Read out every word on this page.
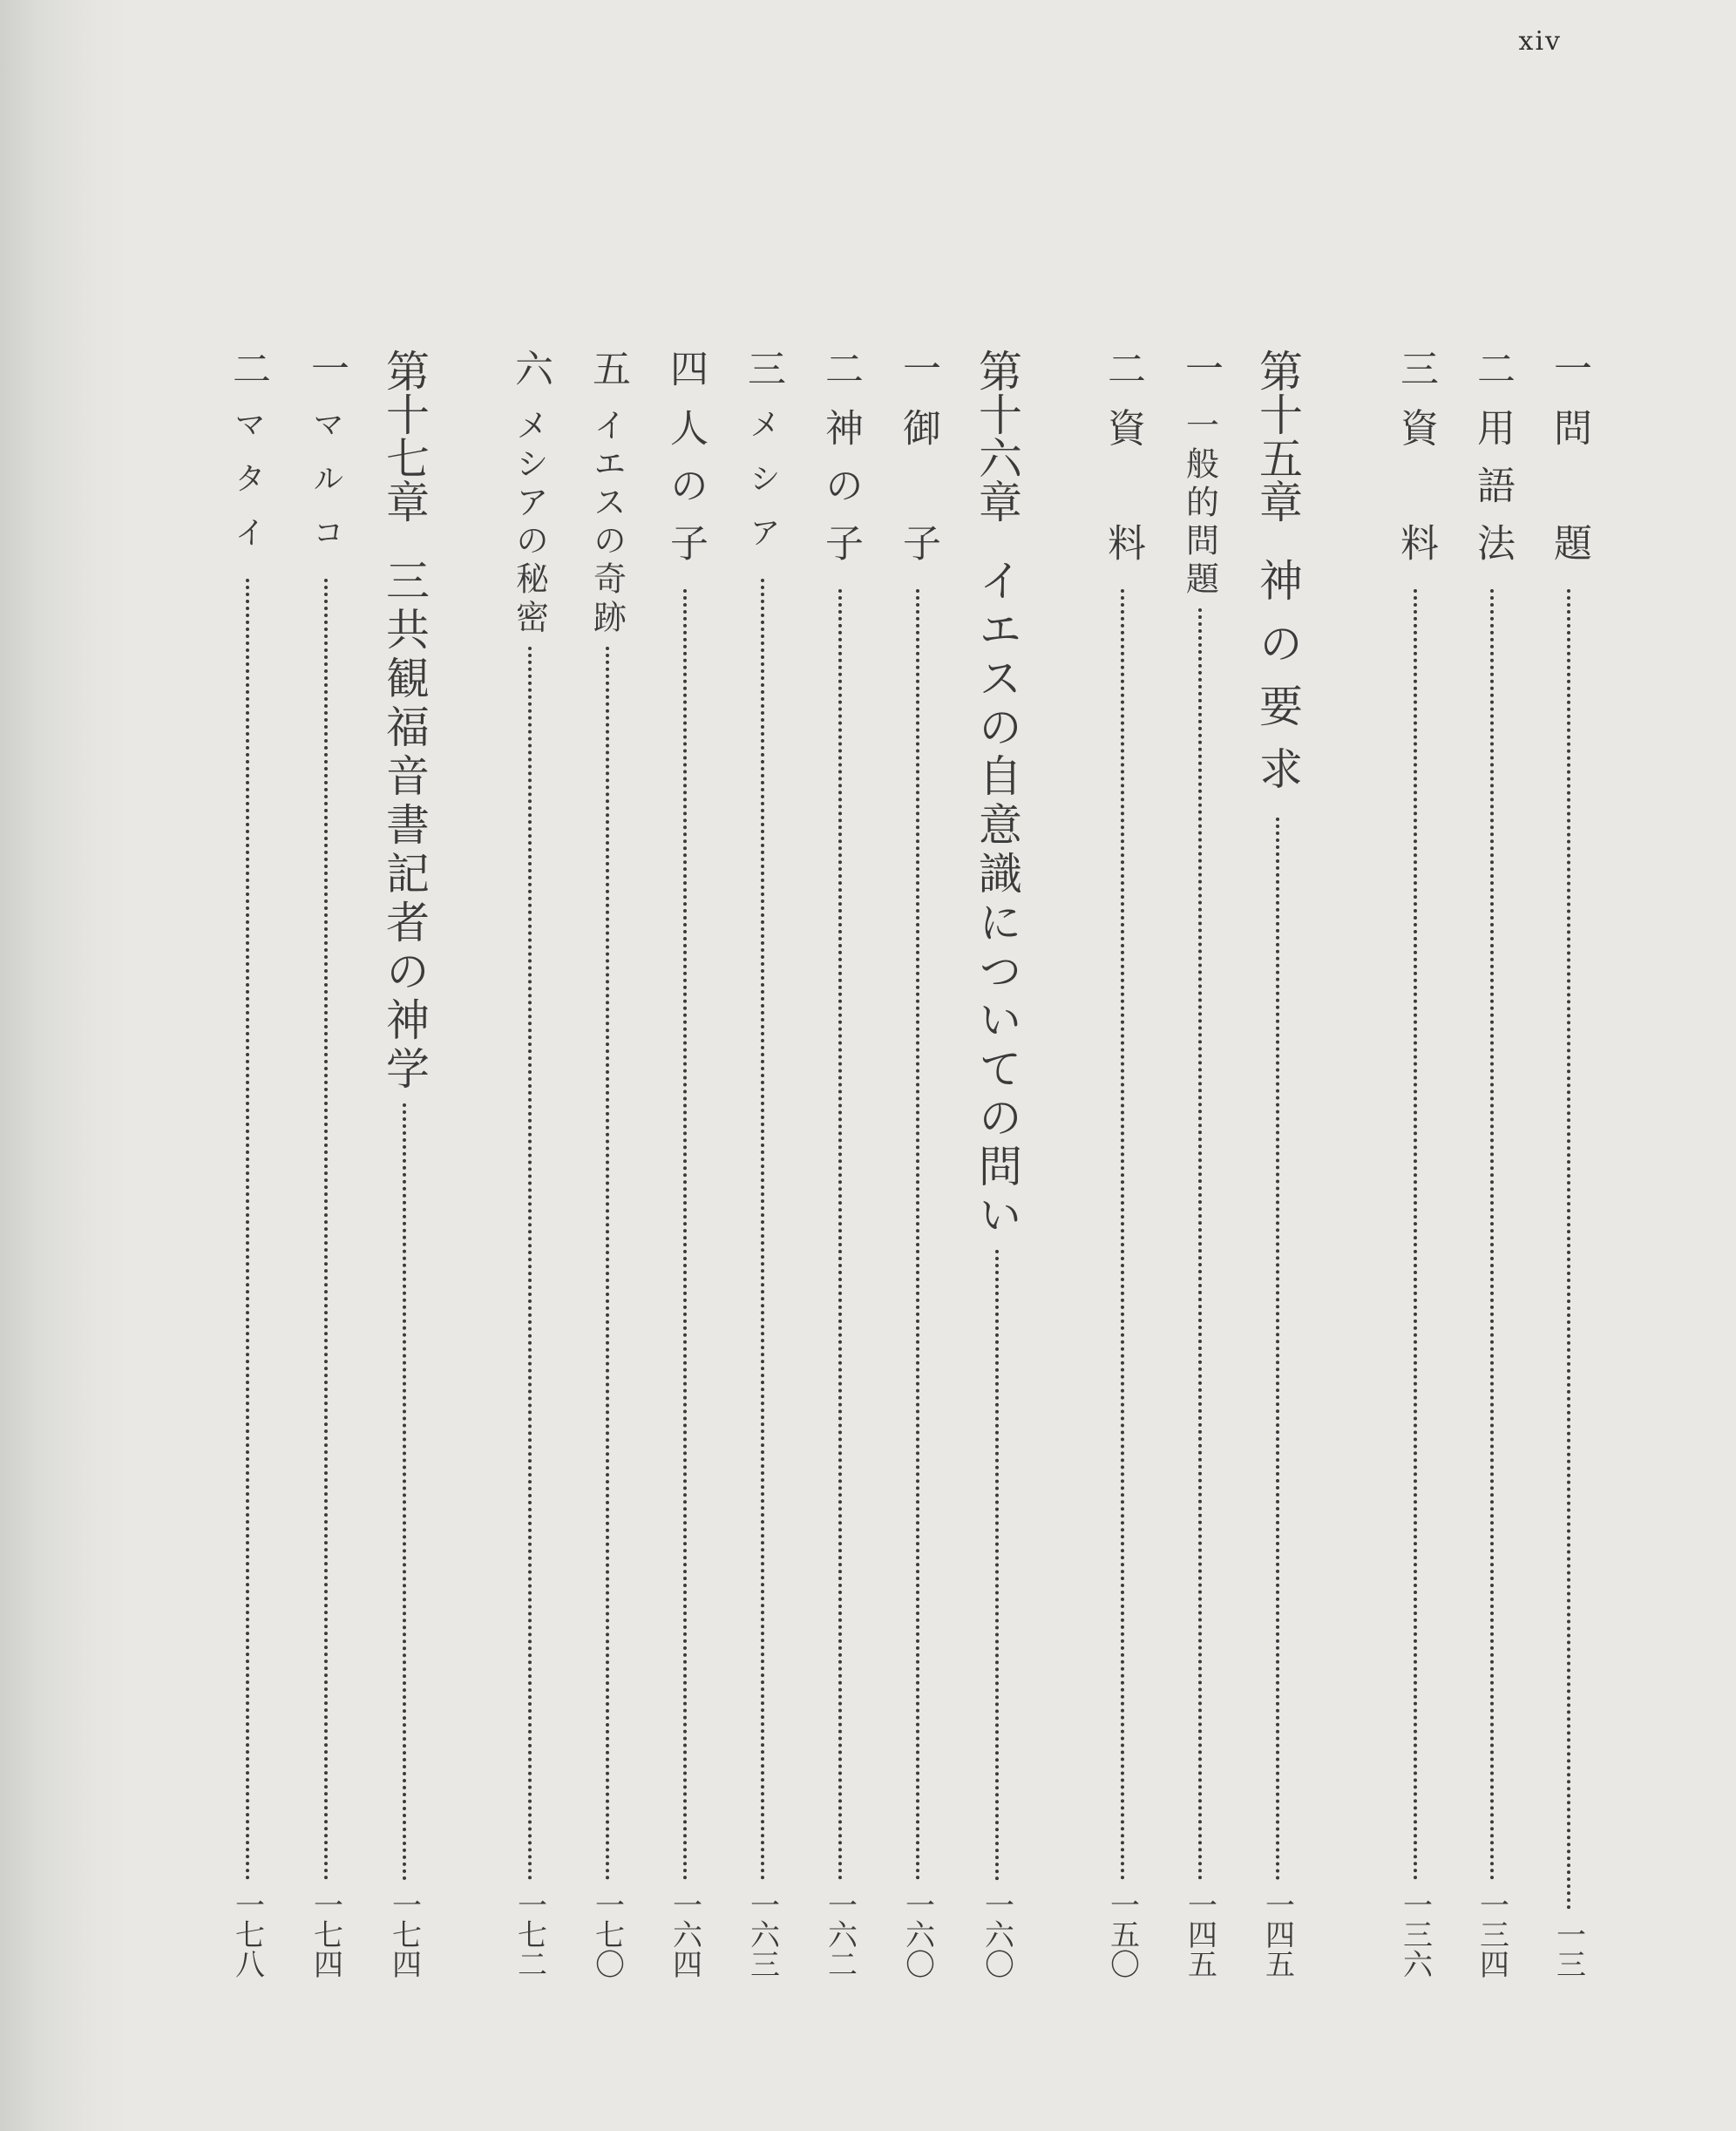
xiv
一
問　題
一三
二
用語法
一三四
三
資　料
一三六
第十五章
神の要求
一四五
一
一般的問題
一四五
二
資　料
一五〇
第十六章
イエスの自意識についての問い
一六〇
一
御　子
一六〇
二
神の子
一六二
三
メシア
一六三
四
人の子
一六四
五
イエスの奇跡
一七〇
六
メシアの秘密
一七二
第十七章
三共観福音書記者の神学
一七四
一
マルコ
一七四
二
マタイ
一七八
